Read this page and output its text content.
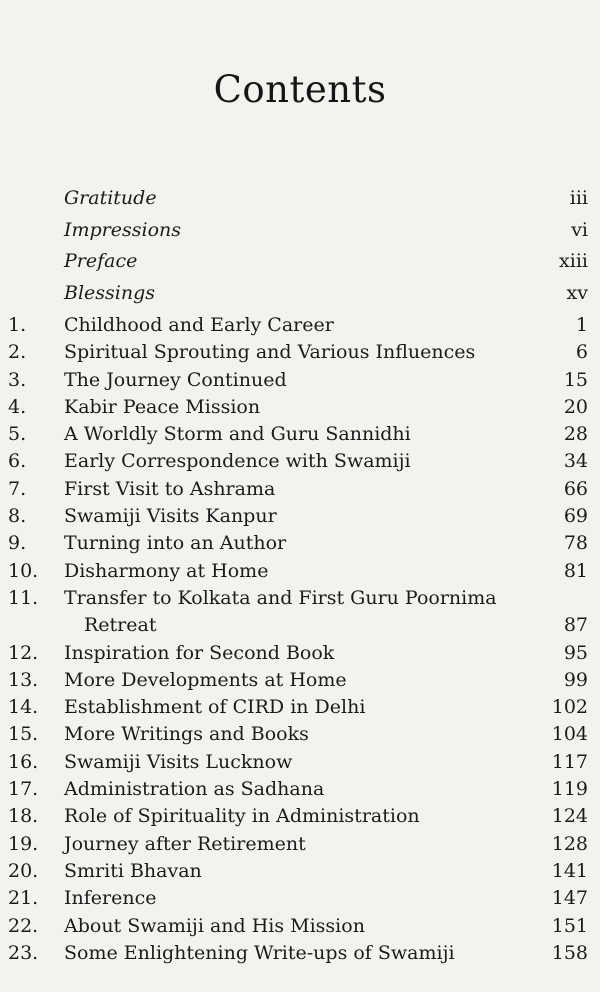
Contents
Gratitude	iii
Impressions	vi
Preface	xiii
Blessings	xv
1.	Childhood and Early Career	1
2.	Spiritual Sprouting and Various Influences	6
3.	The Journey Continued	15
4.	Kabir Peace Mission	20
5.	A Worldly Storm and Guru Sannidhi	28
6.	Early Correspondence with Swamiji	34
7.	First Visit to Ashrama	66
8.	Swamiji Visits Kanpur	69
9.	Turning into an Author	78
10.	Disharmony at Home	81
11.	Transfer to Kolkata and First Guru Poornima
Retreat	87
12.	Inspiration for Second Book	95
13.	More Developments at Home	99
14.	Establishment of CIRD in Delhi	102
15.	More Writings and Books	104
16.	Swamiji Visits Lucknow	117
17.	Administration as Sadhana	119
18.	Role of Spirituality in Administration	124
19.	Journey after Retirement	128
20.	Smriti Bhavan	141
21.	Inference	147
22.	About Swamiji and His Mission	151
23.	Some Enlightening Write-ups of Swamiji	158
